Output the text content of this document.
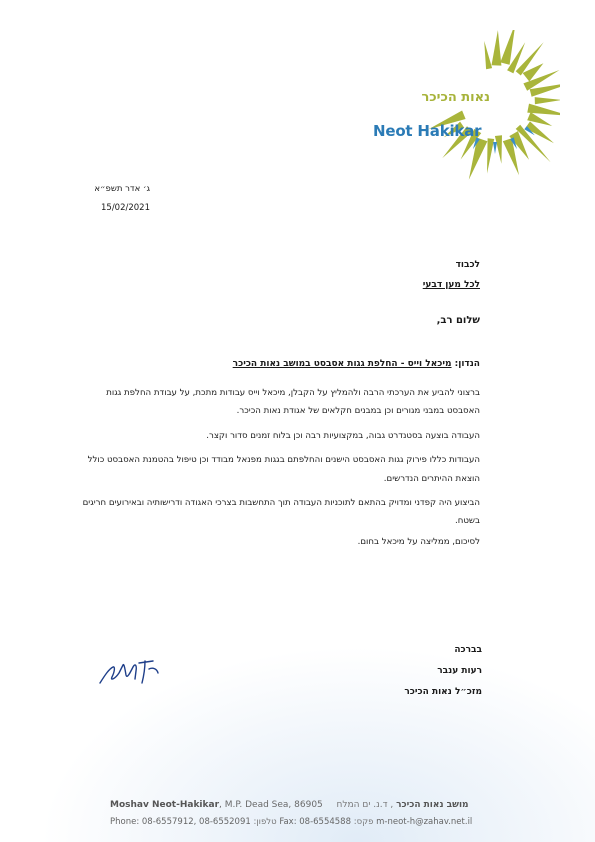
נאות הכיכר
Neot Hakikar
ג׳ אדר תשפ״א
15/02/2021
לכבוד
לכל מען דבעי
שלום רב,
הנדון: מיכאל וייס - החלפת גגות אסבסט במושב נאות הכיכר

ברצוני להביע את הערכתי הרבה ולהמליץ על הקבלן, מיכאל וייס עבודות מתכת, על עבודת החלפת גגות האסבסט במבני מגורים וכן במבנים חקלאים של אגודת נאות הכיכר.

העבודה בוצעה בסטנדרט גבוה, במקצועיות רבה וכן בלוח זמנים סדור וקצר.

העבודות כללו פירוק גגות האסבסט הישנים והחלפתם בגגות מפנאל מבודד וכן טיפול בהטמנת האסבסט כולל הוצאת ההיתרים הנדרשים.

הביצוע היה קפדני ומדויק בהתאם לתוכניות העבודה תוך התחשבות בצרכי האגודה ודרישותיה ובאירועים חריגים בשטח.

לסיכום, ממליצה על מיכאל בחום.
בברכה
רעות ענבר
מזכ״ל נאות הכיכר
Moshav Neot-Hakikar, M.P. Dead Sea, 86905 , ד.נ. ים המלח מושב נאות הכיכר
Phone: 08-6557912, 08-6552091 טלפון: Fax: 08-6554588 פקס: m-neot-h@zahav.net.il
